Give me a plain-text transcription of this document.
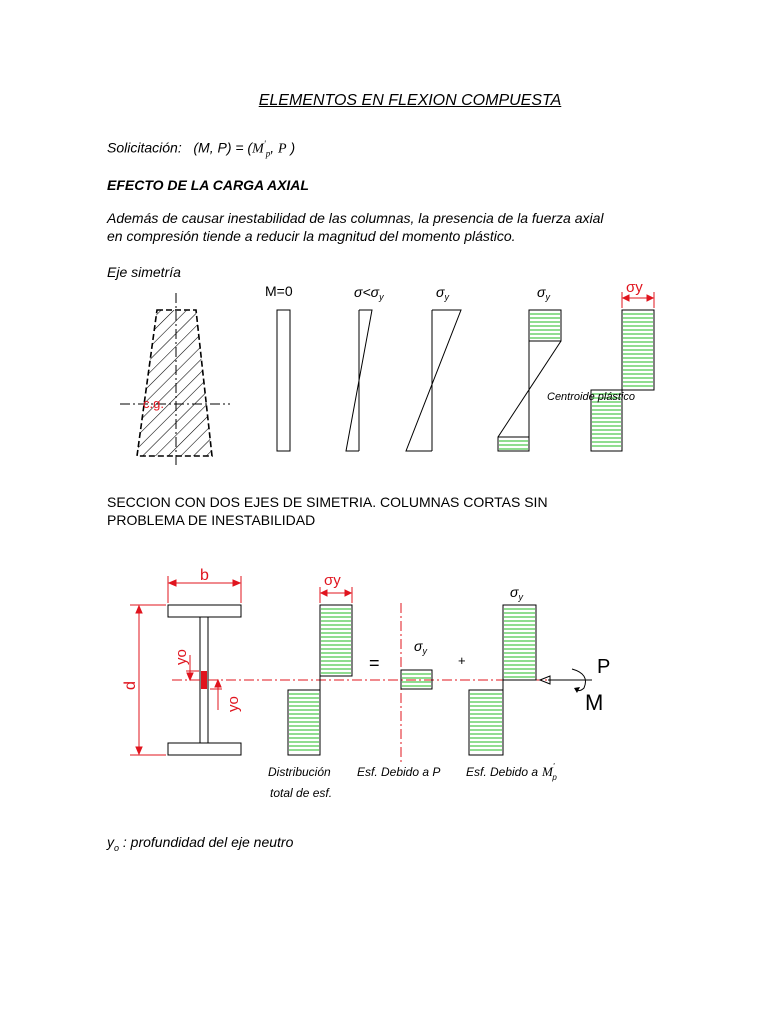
ELEMENTOS EN FLEXION COMPUESTA
Solicitación: (M, $P) = (M'_p$, P )
EFECTO DE LA CARGA AXIAL
Además de causar inestabilidad de las columnas, la presencia de la fuerza axial
en compresión tiende a reducir la magnitud del momento plástico.
Eje simetría
c.g.
M=0	$\sigma<\sigma_y$	$\sigma_y$	$\sigma_y$
σy
Centroide plástico
SECCION CON DOS EJES DE SIMETRIA. COLUMNAS CORTAS SIN
PROBLEMA DE INESTABILIDAD
b
d
yo
yo
σy
=
$\sigma_y$
+
$\sigma_y$
P
M
Distribución
total de esf.
Esf. Debido a P Esf. Debido a M' p
$y_o$ : profundidad del eje neutro
